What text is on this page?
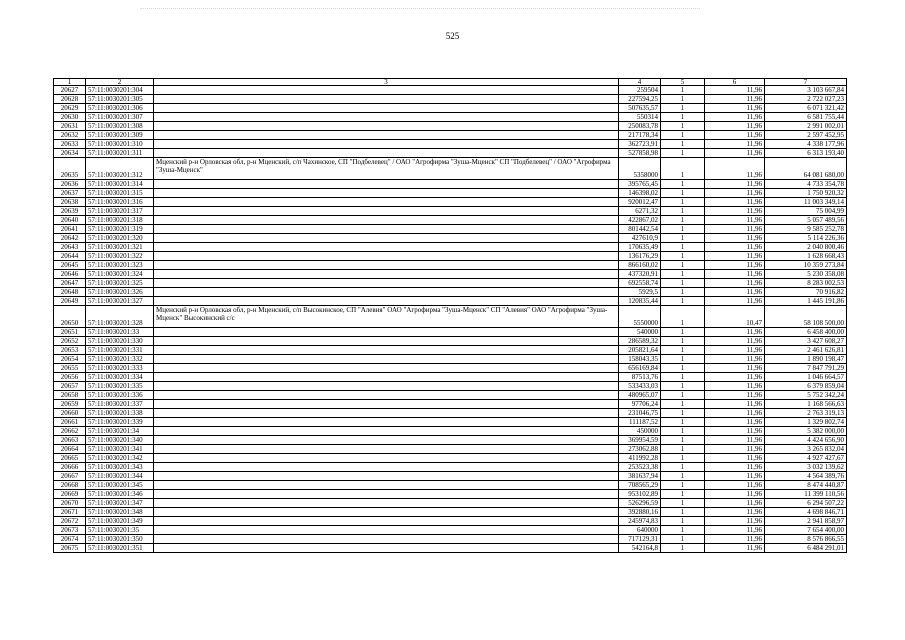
525
1	2	3	4	5	6	7
20627	57:11:0030201:304		259504	1	11,96	3 103 667,84
20628	57:11:0030201:305		227594,25	1	11,96	2 722 027,23
20629	57:11:0030201:306		507635,57	1	11,96	6 071 321,42
20630	57:11:0030201:307		550314	1	11,96	6 581 755,44
20631	57:11:0030201:308		250083,78	1	11,96	2 991 002,01
20632	57:11:0030201:309		217178,34	1	11,96	2 597 452,95
20633	57:11:0030201:310		362723,91	1	11,96	4 338 177,96
20634	57:11:0030201:311		527858,98	1	11,96	6 313 193,40
20635	57:11:0030201:312	Мценский р-н Орловская обл, р-н Мценский, с/п Чахинское, СП "Подбелевец" / ОАО "Агрофирма "Зуша-Мценск" СП "Подбелевец" / ОАО "Агрофирма "Зуша-Мценск"	5358000	1	11,96	64 081 680,00
20636	57:11:0030201:314		395765,45	1	11,96	4 733 354,78
20637	57:11:0030201:315		146398,02	1	11,96	1 750 920,32
20638	57:11:0030201:316		920012,47	1	11,96	11 003 349,14
20639	57:11:0030201:317		6271,32	1	11,96	75 004,99
20640	57:11:0030201:318		422867,02	1	11,96	5 057 489,56
20641	57:11:0030201:319		801442,54	1	11,96	9 585 252,78
20642	57:11:0030201:320		427610,9	1	11,96	5 114 226,36
20643	57:11:0030201:321		170635,49	1	11,96	2 040 800,46
20644	57:11:0030201:322		136176,29	1	11,96	1 628 668,43
20645	57:11:0030201:323		866160,02	1	11,96	10 359 273,84
20646	57:11:0030201:324		437320,91	1	11,96	5 230 358,08
20647	57:11:0030201:325		692558,74	1	11,96	8 283 002,53
20648	57:11:0030201:326		5929,5	1	11,96	70 916,82
20649	57:11:0030201:327		120835,44	1	11,96	1 445 191,86
20650	57:11:0030201:328	Мценский р-н Орловская обл, р-н Мценский, с/п Высокинское, СП "Алевия" ОАО "Агрофирма "Зуша-Мценск" СП "Алевия" ОАО "Агрофирма "Зуша-Мценск" Высокинский с/с	5550000	1	10,47	58 108 500,00
20651	57:11:0030201:33		540000	1	11,96	6 458 400,00
20652	57:11:0030201:330		286589,32	1	11,96	3 427 608,27
20653	57:11:0030201:331		205821,64	1	11,96	2 461 626,81
20654	57:11:0030201:332		158043,35	1	11,96	1 890 198,47
20655	57:11:0030201:333		656169,84	1	11,96	7 847 791,29
20656	57:11:0030201:334		87513,76	1	11,96	1 046 664,57
20657	57:11:0030201:335		533433,03	1	11,96	6 379 859,04
20658	57:11:0030201:336		480965,07	1	11,96	5 752 342,24
20659	57:11:0030201:337		97706,24	1	11,96	1 168 566,63
20660	57:11:0030201:338		231046,75	1	11,96	2 763 319,13
20661	57:11:0030201:339		111187,52	1	11,96	1 329 802,74
20662	57:11:0030201:34		450000	1	11,96	5 382 000,00
20663	57:11:0030201:340		369954,59	1	11,96	4 424 656,90
20664	57:11:0030201:341		273062,88	1	11,96	3 265 832,04
20665	57:11:0030201:342		411992,28	1	11,96	4 927 427,67
20666	57:11:0030201:343		253523,38	1	11,96	3 032 139,62
20667	57:11:0030201:344		381637,94	1	11,96	4 564 389,76
20668	57:11:0030201:345		708565,29	1	11,96	8 474 440,87
20669	57:11:0030201:346		953102,89	1	11,96	11 399 110,56
20670	57:11:0030201:347		526296,59	1	11,96	6 294 507,22
20671	57:11:0030201:348		392880,16	1	11,96	4 698 846,71
20672	57:11:0030201:349		245974,83	1	11,96	2 941 858,97
20673	57:11:0030201:35		640000	1	11,96	7 654 400,00
20674	57:11:0030201:350		717129,31	1	11,96	8 576 866,55
20675	57:11:0030201:351		542164,8	1	11,96	6 484 291,01
